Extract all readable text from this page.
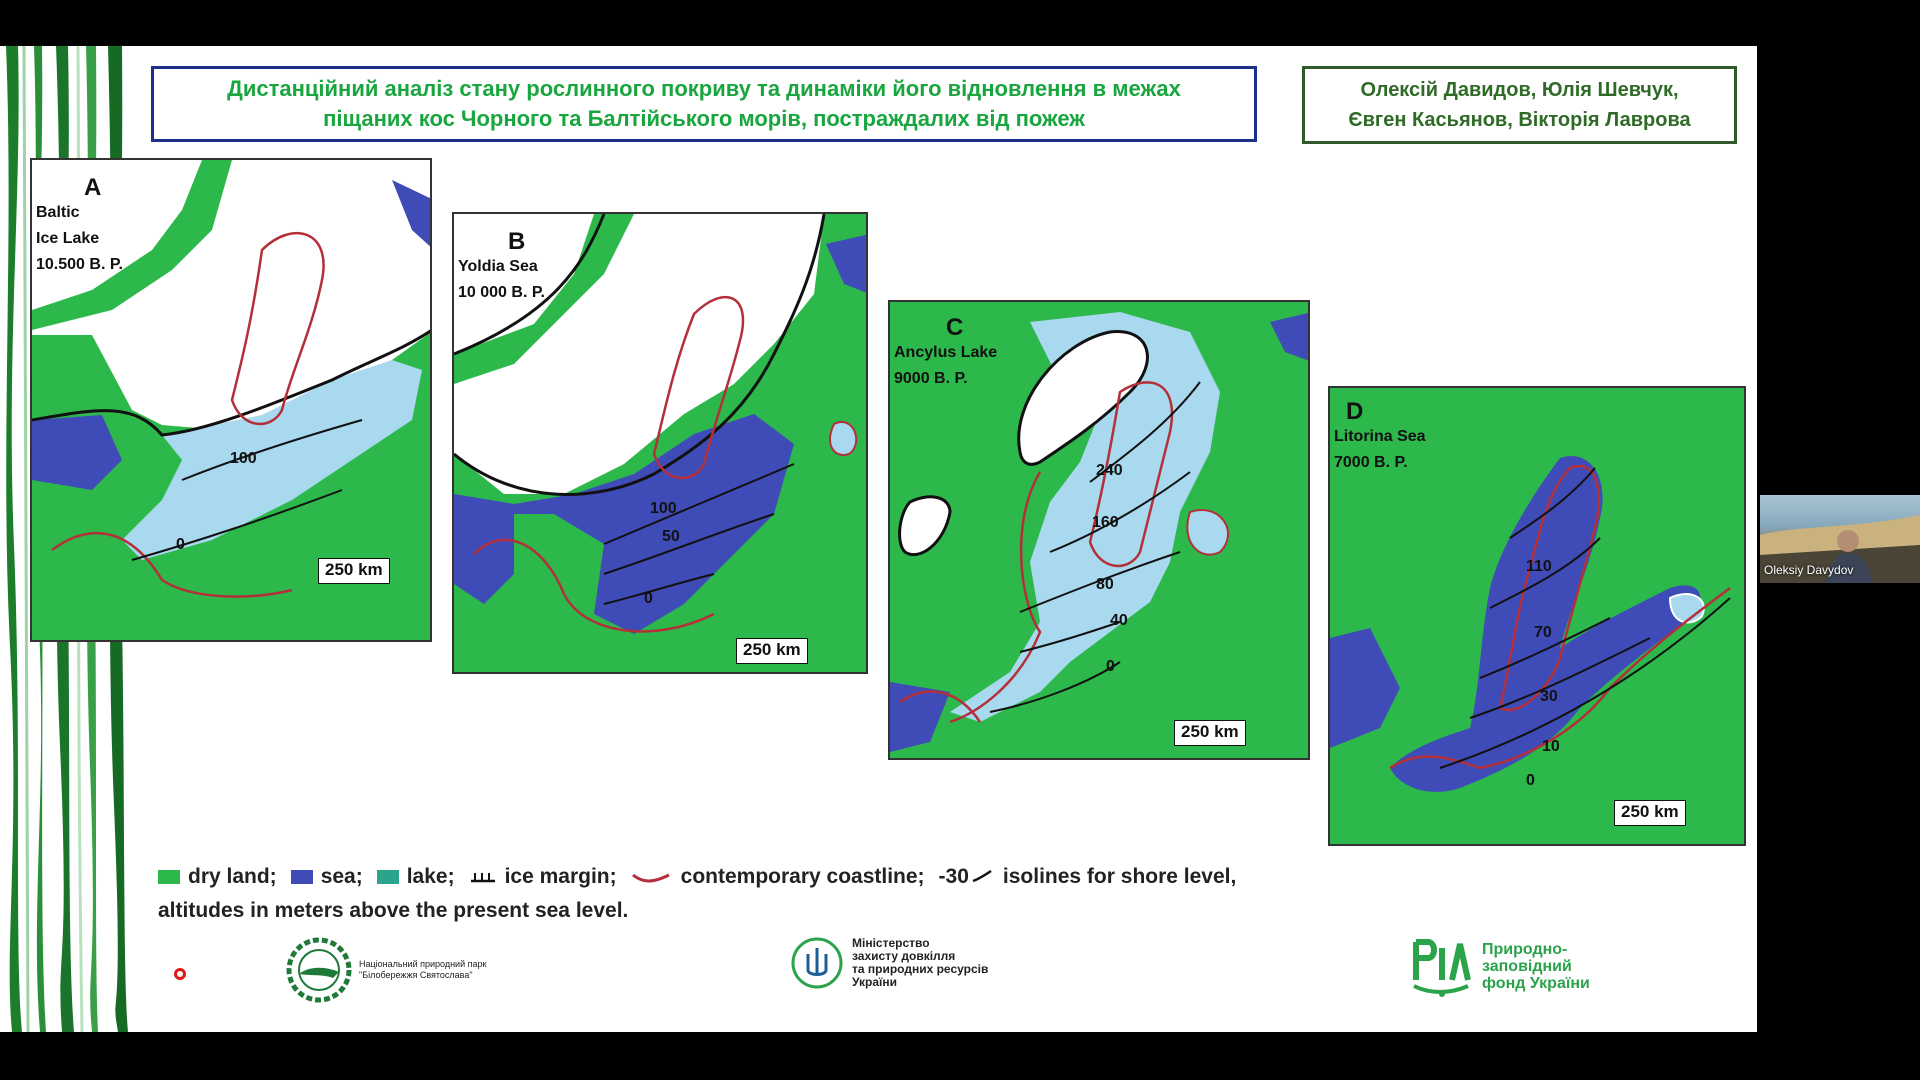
Дистанційний аналіз стану рослинного покриву та динаміки його відновлення в межах
піщаних кос Чорного та Балтійського морів, постраждалих від пожеж
Олексій Давидов, Юлія Шевчук,
Євген Касьянов, Вікторія Лаврова
A
Baltic
Ice Lake
10.500 B. P.
100
0
250 km
B
Yoldia Sea
10 000 B. P.
100
50
0
250 km
C
Ancylus Lake
9000 B. P.
240
160
80
40
0
250 km
D
Litorina Sea
7000 B. P.
110
70
30
10
0
250 km
dry land; sea; lake; ice margin;	contemporary coastline; -30 isolines for shore level,
altitudes in meters above the present sea level.
Національний природний парк
"Білобережжя Святослава"
Міністерство
захисту довкілля
та природних ресурсів
України
Природно-
заповідний
фонд України
Oleksiy Davydov
